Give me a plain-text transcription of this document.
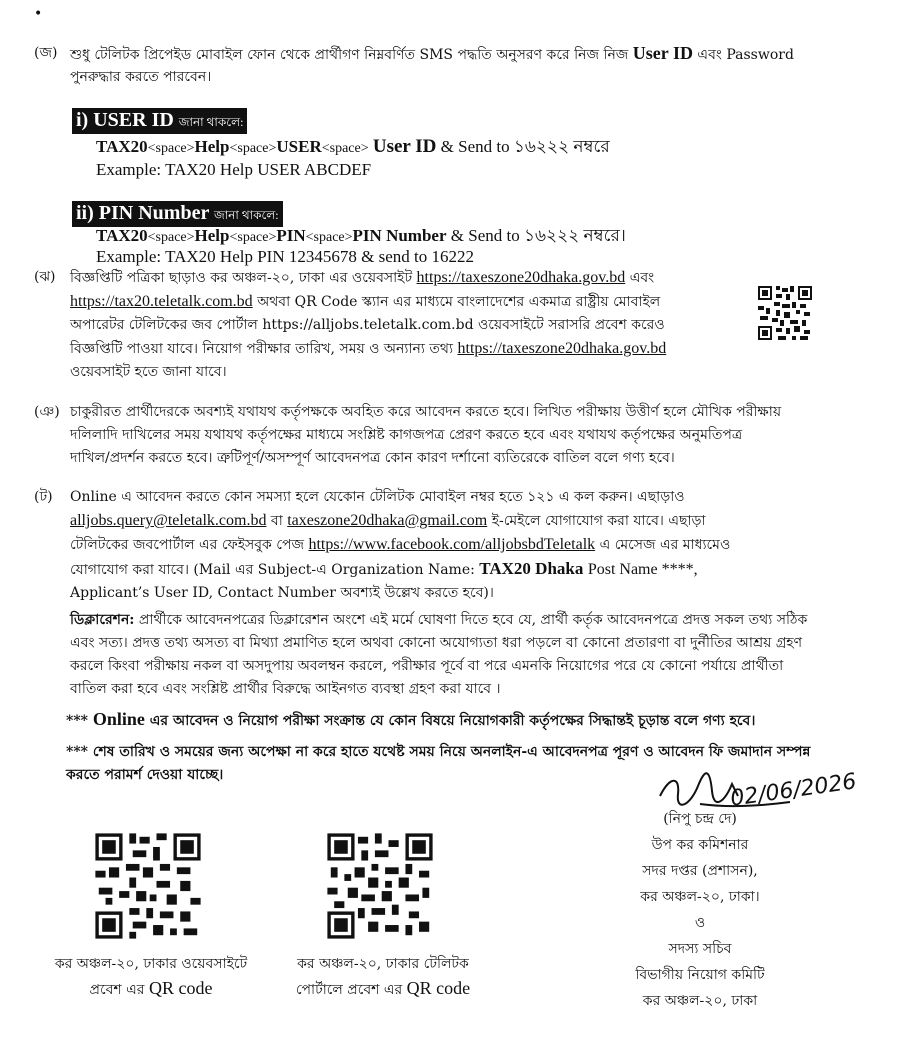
•
(জ) শুধু টেলিটক প্রিপেইড মোবাইল ফোন থেকে প্রার্থীগণ নিম্নবর্ণিত SMS পদ্ধতি অনুসরণ করে নিজ নিজ User ID এবং Password
পুনরুদ্ধার করতে পারবেন।
i) USER ID জানা থাকলে:
TAX20<space>Help<space>USER<space> User ID & Send to ১৬২২২ নম্বরে
Example: TAX20 Help USER ABCDEF
ii) PIN Number জানা থাকলে:
TAX20<space>Help<space>PIN<space>PIN Number & Send to ১৬২২২ নম্বরে।
Example: TAX20 Help PIN 12345678 & send to 16222
(ঝ) বিজ্ঞপ্তিটি পত্রিকা ছাড়াও কর অঞ্চল-২০, ঢাকা এর ওয়েবসাইট https://taxeszone20dhaka.gov.bd এবং
https://tax20.teletalk.com.bd অথবা QR Code স্ক্যান এর মাধ্যমে বাংলাদেশের একমাত্র রাষ্ট্রীয় মোবাইল
অপারেটর টেলিটকের জব পোর্টাল https://alljobs.teletalk.com.bd ওয়েবসাইটে সরাসরি প্রবেশ করেও
বিজ্ঞপ্তিটি পাওয়া যাবে। নিয়োগ পরীক্ষার তারিখ, সময় ও অন্যান্য তথ্য https://taxeszone20dhaka.gov.bd
ওয়েবসাইট হতে জানা যাবে।
(ঞ) চাকুরীরত প্রার্থীদেরকে অবশ্যই যথাযথ কর্তৃপক্ষকে অবহিত করে আবেদন করতে হবে। লিখিত পরীক্ষায় উত্তীর্ণ হলে মৌখিক পরীক্ষায়
দলিলাদি দাখিলের সময় যথাযথ কর্তৃপক্ষের মাধ্যমে সংশ্লিষ্ট কাগজপত্র প্রেরণ করতে হবে এবং যথাযথ কর্তৃপক্ষের অনুমতিপত্র
দাখিল/প্রদর্শন করতে হবে। ত্রুটিপূর্ণ/অসম্পূর্ণ আবেদনপত্র কোন কারণ দর্শানো ব্যতিরেকে বাতিল বলে গণ্য হবে।
(ট) Online এ আবেদন করতে কোন সমস্যা হলে যেকোন টেলিটক মোবাইল নম্বর হতে ১২১ এ কল করুন। এছাড়াও
alljobs.query@teletalk.com.bd বা taxeszone20dhaka@gmail.com ই-মেইলে যোগাযোগ করা যাবে। এছাড়া
টেলিটকের জবপোর্টাল এর ফেইসবুক পেজ https://www.facebook.com/alljobsbdTeletalk এ মেসেজ এর মাধ্যমেও
যোগাযোগ করা যাবে। (Mail এর Subject-এ Organization Name: TAX20 Dhaka Post Name ****,
Applicant’s User ID, Contact Number অবশ্যই উল্লেখ করতে হবে)।
ডিক্লারেশন: প্রার্থীকে আবেদনপত্রের ডিক্লারেশন অংশে এই মর্মে ঘোষণা দিতে হবে যে, প্রার্থী কর্তৃক আবেদনপত্রে প্রদত্ত সকল তথ্য সঠিক
এবং সত্য। প্রদত্ত তথ্য অসত্য বা মিথ্যা প্রমাণিত হলে অথবা কোনো অযোগ্যতা ধরা পড়লে বা কোনো প্রতারণা বা দুর্নীতির আশ্রয় গ্রহণ
করলে কিংবা পরীক্ষায় নকল বা অসদুপায় অবলম্বন করলে, পরীক্ষার পূর্বে বা পরে এমনকি নিয়োগের পরে যে কোনো পর্যায়ে প্রার্থীতা
বাতিল করা হবে এবং সংশ্লিষ্ট প্রার্থীর বিরুদ্ধে আইনগত ব্যবস্থা গ্রহণ করা যাবে ।
*** Online এর আবেদন ও নিয়োগ পরীক্ষা সংক্রান্ত যে কোন বিষয়ে নিয়োগকারী কর্তৃপক্ষের সিদ্ধান্তই চূড়ান্ত বলে গণ্য হবে।
*** শেষ তারিখ ও সময়ের জন্য অপেক্ষা না করে হাতে যথেষ্ট সময় নিয়ে অনলাইন-এ আবেদনপত্র পূরণ ও আবেদন ফি জমাদান সম্পন্ন
করতে পরামর্শ দেওয়া যাচ্ছে।	02/06/2026
(নিপু চন্দ্র দে)
উপ কর কমিশনার
সদর দপ্তর (প্রশাসন),
কর অঞ্চল-২০, ঢাকা।
ও
সদস্য সচিব
বিভাগীয় নিয়োগ কমিটি
কর অঞ্চল-২০, ঢাকা
কর অঞ্চল-২০, ঢাকার ওয়েবসাইটে
প্রবেশ এর QR code
কর অঞ্চল-২০, ঢাকার টেলিটক
পোর্টালে প্রবেশ এর QR code
